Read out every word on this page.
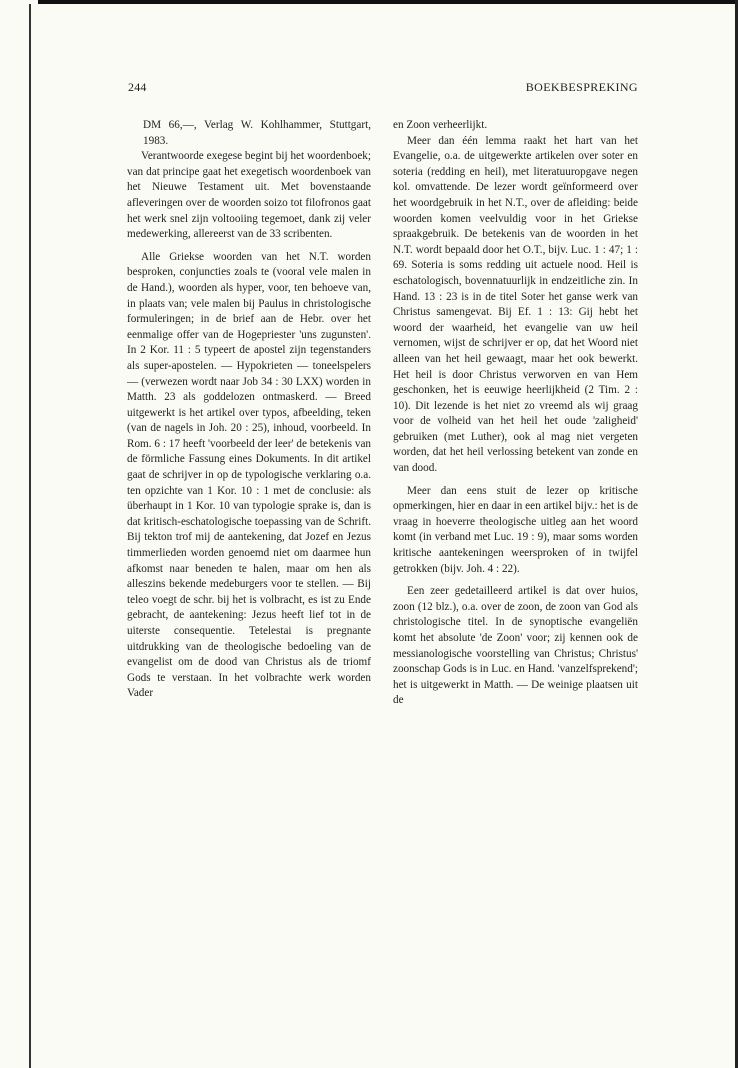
244	BOEKBESPREKING

DM 66,—, Verlag W. Kohlhammer, Stuttgart, 1983.

Verantwoorde exegese begint bij het woordenboek; van dat principe gaat het exegetisch woordenboek van het Nieuwe Testament uit. Met bovenstaande afleveringen over de woorden soizo tot filofronos gaat het werk snel zijn voltooiing tegemoet, dank zij veler medewerking, allereerst van de 33 scribenten.

Alle Griekse woorden van het N.T. worden besproken, conjuncties zoals te (vooral vele malen in de Hand.), woorden als hyper, voor, ten behoeve van, in plaats van; vele malen bij Paulus in christologische formuleringen; in de brief aan de Hebr. over het eenmalige offer van de Hogepriester 'uns zugunsten'. In 2 Kor. 11 : 5 typeert de apostel zijn tegenstanders als super-apostelen. — Hypokrieten — toneelspelers — (verwezen wordt naar Job 34 : 30 LXX) worden in Matth. 23 als goddelozen ontmaskerd. — Breed uitgewerkt is het artikel over typos, afbeelding, teken (van de nagels in Joh. 20 : 25), inhoud, voorbeeld. In Rom. 6 : 17 heeft 'voorbeeld der leer' de betekenis van de förmliche Fassung eines Dokuments. In dit artikel gaat de schrijver in op de typologische verklaring o.a. ten opzichte van 1 Kor. 10 : 1 met de conclusie: als überhaupt in 1 Kor. 10 van typologie sprake is, dan is dat kritisch-eschatologische toepassing van de Schrift. Bij tekton trof mij de aantekening, dat Jozef en Jezus timmerlieden worden genoemd niet om daarmee hun afkomst naar beneden te halen, maar om hen als alleszins bekende medeburgers voor te stellen. — Bij teleo voegt de schr. bij het is volbracht, es ist zu Ende gebracht, de aantekening: Jezus heeft lief tot in de uiterste consequentie. Tetelestai is pregnante uitdrukking van de theologische bedoeling van de evangelist om de dood van Christus als de triomf Gods te verstaan. In het volbrachte werk worden Vader

en Zoon verheerlijkt.

Meer dan één lemma raakt het hart van het Evangelie, o.a. de uitgewerkte artikelen over soter en soteria (redding en heil), met literatuuropgave negen kol. omvattende. De lezer wordt geïnformeerd over het woordgebruik in het N.T., over de afleiding: beide woorden komen veelvuldig voor in het Griekse spraakgebruik. De betekenis van de woorden in het N.T. wordt bepaald door het O.T., bijv. Luc. 1 : 47; 1 : 69. Soteria is soms redding uit actuele nood. Heil is eschatologisch, bovennatuurlijk in endzeitliche zin. In Hand. 13 : 23 is in de titel Soter het ganse werk van Christus samengevat. Bij Ef. 1 : 13: Gij hebt het woord der waarheid, het evangelie van uw heil vernomen, wijst de schrijver er op, dat het Woord niet alleen van het heil gewaagt, maar het ook bewerkt. Het heil is door Christus verworven en van Hem geschonken, het is eeuwige heerlijkheid (2 Tim. 2 : 10). Dit lezende is het niet zo vreemd als wij graag voor de volheid van het heil het oude 'zaligheid' gebruiken (met Luther), ook al mag niet vergeten worden, dat het heil verlossing betekent van zonde en van dood.

Meer dan eens stuit de lezer op kritische opmerkingen, hier en daar in een artikel bijv.: het is de vraag in hoeverre theologische uitleg aan het woord komt (in verband met Luc. 19 : 9), maar soms worden kritische aantekeningen weersproken of in twijfel getrokken (bijv. Joh. 4 : 22).

Een zeer gedetailleerd artikel is dat over huios, zoon (12 blz.), o.a. over de zoon, de zoon van God als christologische titel. In de synoptische evangeliën komt het absolute 'de Zoon' voor; zij kennen ook de messianologische voorstelling van Christus; Christus' zoonschap Gods is in Luc. en Hand. 'vanzelfsprekend'; het is uitgewerkt in Matth. — De weinige plaatsen uit de
